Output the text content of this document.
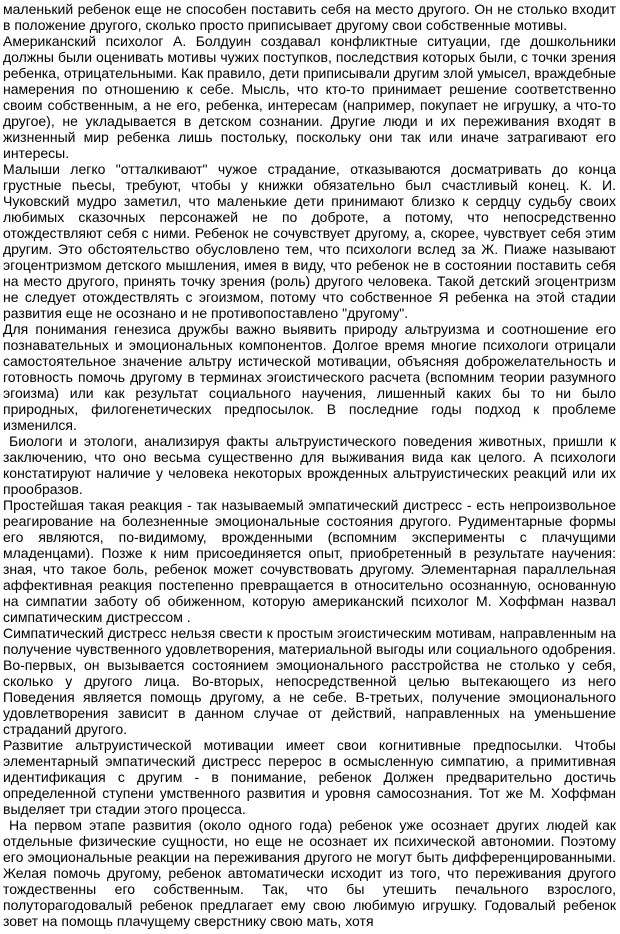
маленький ребенок еще не способен поставить себя на место другого. Он не столько входит в положение другого, сколько просто приписывает другому свои собственные мотивы.

Американский психолог А. Болдуин создавал конфликтные ситуации, где дошкольники должны были оценивать мотивы чужих поступков, последствия которых были, с точки зрения ребенка, отрицательными. Как правило, дети приписывали другим злой умысел, враждебные намерения по отношению к себе. Мысль, что кто-то принимает решение соответственно своим собственным, а не его, ребенка, интересам (например, покупает не игрушку, а что-то другое), не укладывается в детском сознании. Другие люди и их переживания входят в жизненный мир ребенка лишь постольку, поскольку они так или иначе затрагивают его интересы.

Малыши легко "отталкивают" чужое страдание, отказываются досматривать до конца грустные пьесы, требуют, чтобы у книжки обязательно был счастливый конец. К. И. Чуковский мудро заметил, что маленькие дети принимают близко к сердцу судьбу своих любимых сказочных персонажей не по доброте, а потому, что непосредственно отождествляют себя с ними. Ребенок не сочувствует другому, а, скорее, чувствует себя этим другим. Это обстоятельство обусловлено тем, что психологи вслед за Ж. Пиаже называют эгоцентризмом детского мышления, имея в виду, что ребенок не в состоянии поставить себя на место другого, принять точку зрения (роль) другого человека. Такой детский эгоцентризм не следует отождествлять с эгоизмом, потому что собственное Я ребенка на этой стадии развития еще не осознано и не противопоставлено "другому".

Для понимания генезиса дружбы важно выявить природу альтруизма и соотношение его познавательных и эмоциональных компонентов. Долгое время многие психологи отрицали самостоятельное значение альтру истической мотивации, объясняя доброжелательность и готовность помочь другому в терминах эгоистического расчета (вспомним теории разумного эгоизма) или как результат социального научения, лишенный каких бы то ни было природных, филогенетических предпосылок. В последние годы подход к проблеме изменился.

Биологи и этологи, анализируя факты альтруистического поведения животных, пришли к заключению, что оно весьма существенно для выживания вида как целого. А психологи констатируют наличие у человека некоторых врожденных альтруистических реакций или их прообразов.

Простейшая такая реакция - так называемый эмпатический дистресс - есть непроизвольное реагирование на болезненные эмоциональные состояния другого. Рудиментарные формы его являются, по-видимому, врожденными (вспомним эксперименты с плачущими младенцами). Позже к ним присоединяется опыт, приобретенный в результате научения: зная, что такое боль, ребенок может сочувствовать другому. Элементарная параллельная аффективная реакция постепенно превращается в относительно осознанную, основанную на симпатии заботу об обиженном, которую американский психолог М. Хоффман назвал симпатическим дистрессом .

Симпатический дистресс нельзя свести к простым эгоистическим мотивам, направленным на получение чувственного удовлетворения, материальной выгоды или социального одобрения. Во-первых, он вызывается состоянием эмоционального расстройства не столько у себя, сколько у другого лица. Во-вторых, непосредственной целью вытекающего из него Поведения является помощь другому, а не себе. В-третьих, получение эмоционального удовлетворения зависит в данном случае от действий, направленных на уменьшение страданий другого.

Развитие альтруистической мотивации имеет свои когнитивные предпосылки. Чтобы элементарный эмпатический дистресс перерос в осмысленную симпатию, а примитивная идентификация с другим - в понимание, ребенок Должен предварительно достичь определенной ступени умственного развития и уровня самосознания. Тот же М. Хоффман выделяет три стадии этого процесса.

На первом этапе развития (около одного года) ребенок уже осознает других людей как отдельные физические сущности, но еще не осознает их психической автономии. Поэтому его эмоциональные реакции на переживания другого не могут быть дифференцированными. Желая помочь другому, ребенок автоматически исходит из того, что переживания другого тождественны его собственным. Так, что бы утешить печального взрослого, полуторагодовалый ребенок предлагает ему свою любимую игрушку. Годовалый ребенок зовет на помощь плачущему сверстнику свою мать, хотя
